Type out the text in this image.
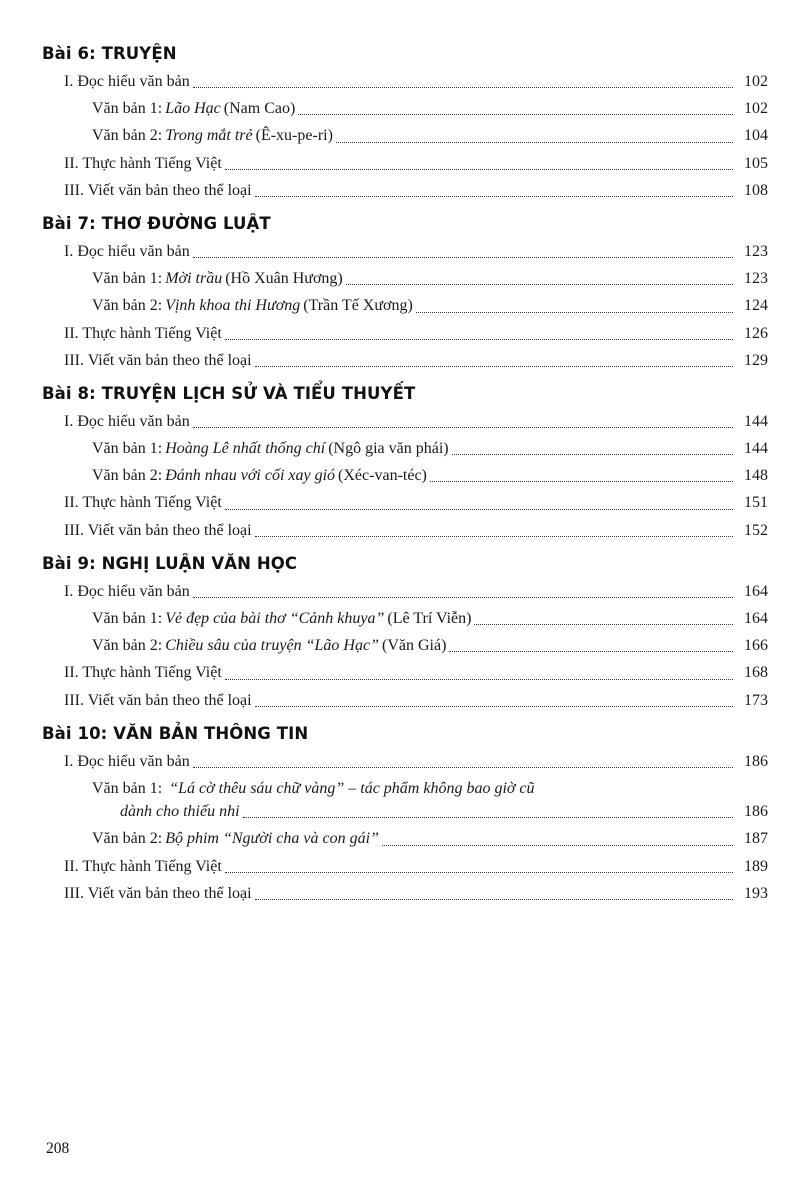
Bài 6: TRUYỆN
I. Đọc hiểu văn bản	102
Văn bản 1: Lão Hạc (Nam Cao)	102
Văn bản 2: Trong mắt trẻ (Ê-xu-pe-ri)	104
II. Thực hành Tiếng Việt	105
III. Viết văn bản theo thể loại	108
Bài 7: THƠ ĐƯỜNG LUẬT
I. Đọc hiểu văn bản	123
Văn bản 1: Mời trầu (Hồ Xuân Hương)	123
Văn bản 2: Vịnh khoa thi Hương (Trần Tế Xương)	124
II. Thực hành Tiếng Việt	126
III. Viết văn bản theo thể loại	129
Bài 8: TRUYỆN LỊCH SỬ VÀ TIỂU THUYẾT
I. Đọc hiểu văn bản	144
Văn bản 1: Hoàng Lê nhất thống chí (Ngô gia văn phái)	144
Văn bản 2: Đánh nhau với cối xay gió (Xéc-van-téc)	148
II. Thực hành Tiếng Việt	151
III. Viết văn bản theo thể loại	152
Bài 9: NGHỊ LUẬN VĂN HỌC
I. Đọc hiểu văn bản	164
Văn bản 1: Vẻ đẹp của bài thơ “Cảnh khuya” (Lê Trí Viễn)	164
Văn bản 2: Chiều sâu của truyện “Lão Hạc” (Văn Giá)	166
II. Thực hành Tiếng Việt	168
III. Viết văn bản theo thể loại	173
Bài 10: VĂN BẢN THÔNG TIN
I. Đọc hiểu văn bản	186
Văn bản 1: “Lá cờ thêu sáu chữ vàng” – tác phẩm không bao giờ cũ
dành cho thiếu nhi	186
Văn bản 2: Bộ phim “Người cha và con gái”	187
II. Thực hành Tiếng Việt	189
III. Viết văn bản theo thể loại	193
208
